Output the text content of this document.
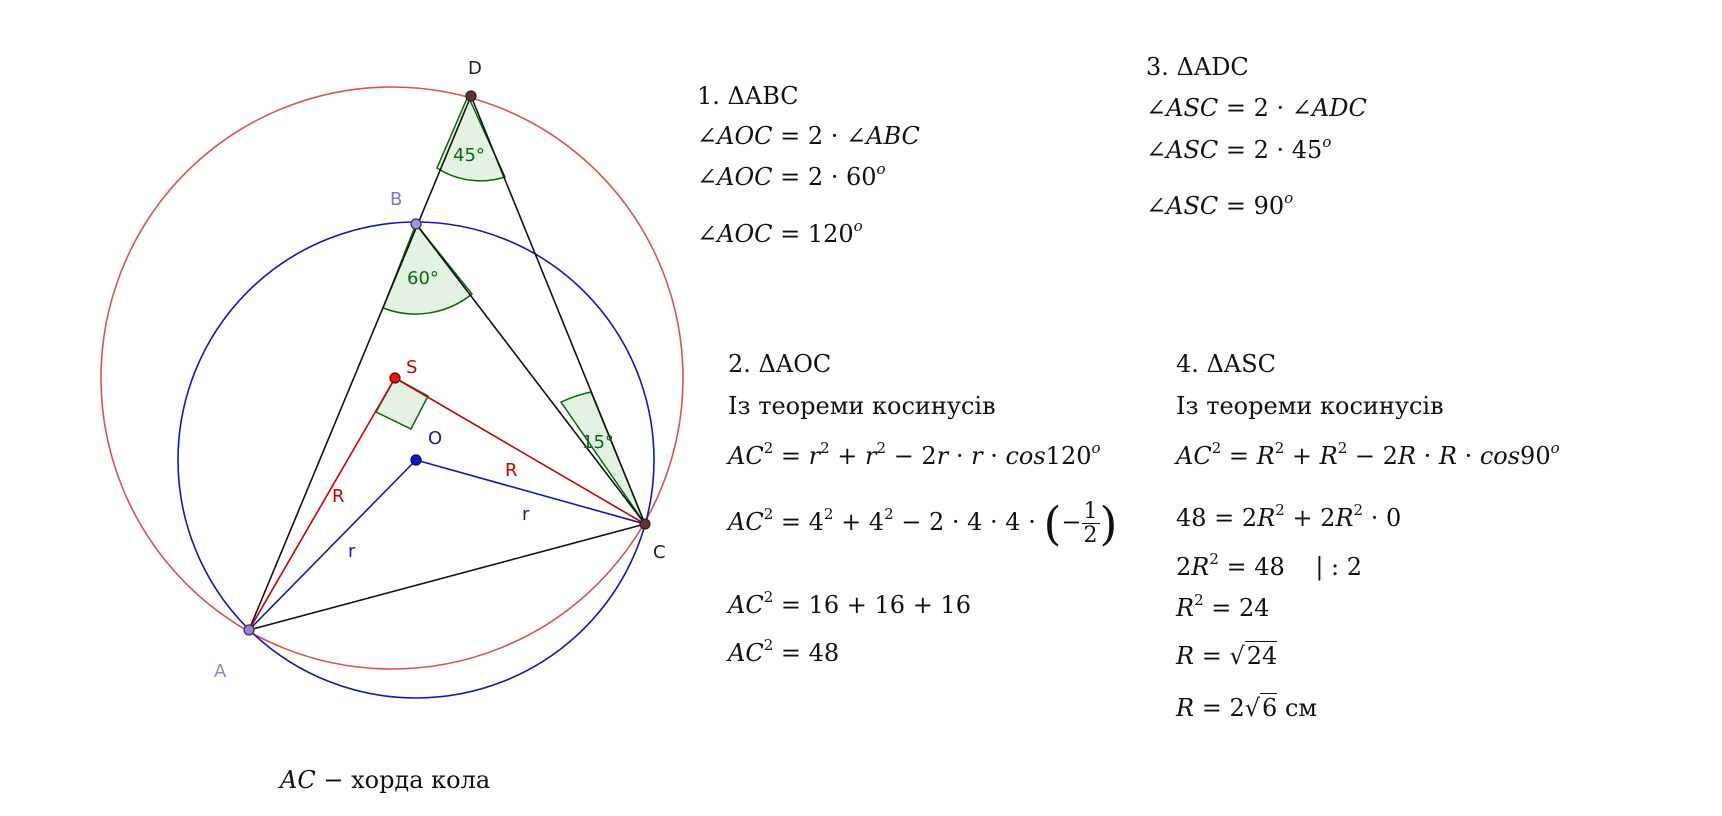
D
B
S
O
C
A
R
R
r
r
45°
60°
15°
AC − хорда кола
1. ΔABC
∠AOC = 2 · ∠ABC
∠AOC = $2 \cdot 60^o$
∠AOC = $120^o$
2. ΔAOC
Із теореми косинусів
$AC^2 = r^2 + r^2 - 2r \cdot r \cdot \cos 120^o$
$AC^2 = 4^2 + 4^2 - 2 \cdot 4 \cdot 4$ · (− $\frac{1}{2}$ )
$AC^2 = 16 + 16 + 16$
$AC^2 = 48$
3. ΔADC
∠ASC = 2 · ∠ADC
∠ASC = $2 \cdot 45^o$
∠ASC = $90^o$
4. ΔASC
Із теореми косинусів
$AC^2 = R^2 + R^2 - 2R \cdot R \cdot \cos 90^o$
$48 = 2R^2 + 2R^2 \cdot 0$
$2R^2 = 48$    | : 2
$R^2 = 24$
R = √24
R = 2√6 см
